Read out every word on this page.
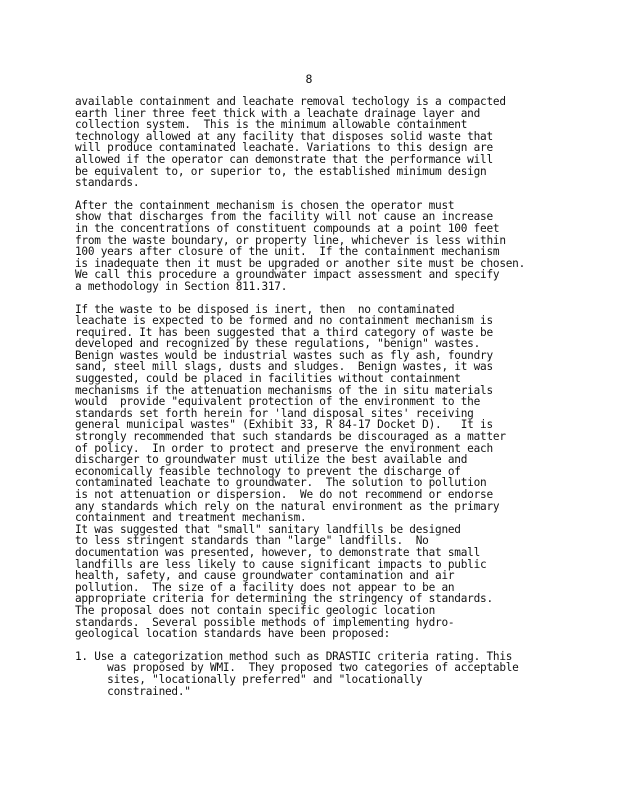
8
available containment and leachate removal techology is a compacted
earth liner three feet thick with a leachate drainage layer and
collection system.  This is the minimum allowable containment
technology allowed at any facility that disposes solid waste that
will produce contaminated leachate. Variations to this design are
allowed if the operator can demonstrate that the performance will
be equivalent to, or superior to, the established minimum design
standards.
After the containment mechanism is chosen the operator must
show that discharges from the facility will not cause an increase
in the concentrations of constituent compounds at a point 100 feet
from the waste boundary, or property line, whichever is less within
100 years after closure of the unit.  If the containment mechanism
is inadequate then it must be upgraded or another site must be chosen.
We call this procedure a groundwater impact assessment and specify
a methodology in Section 811.317.
If the waste to be disposed is inert, then  no contaminated
leachate is expected to be formed and no containment mechanism is
required. It has been suggested that a third category of waste be
developed and recognized by these regulations, "benign" wastes.
Benign wastes would be industrial wastes such as fly ash, foundry
sand, steel mill slags, dusts and sludges.  Benign wastes, it was
suggested, could be placed in facilities without containment
mechanisms if the attenuation mechanisms of the in situ materials
would  provide "equivalent protection of the environment to the
standards set forth herein for 'land disposal sites' receiving
general municipal wastes" (Exhibit 33, R 84-17 Docket D).   It is
strongly recommended that such standards be discouraged as a matter
of policy.  In order to protect and preserve the environment each
discharger to groundwater must utilize the best available and
economically feasible technology to prevent the discharge of
contaminated leachate to groundwater.  The solution to pollution
is not attenuation or dispersion.  We do not recommend or endorse
any standards which rely on the natural environment as the primary
containment and treatment mechanism.
It was suggested that "small" sanitary landfills be designed
to less stringent standards than "large" landfills.  No
documentation was presented, however, to demonstrate that small
landfills are less likely to cause significant impacts to public
health, safety, and cause groundwater contamination and air
pollution.  The size of a facility does not appear to be an
appropriate criteria for determining the stringency of standards.
The proposal does not contain specific geologic location
standards.  Several possible methods of implementing hydro-
geological location standards have been proposed:
1. Use a categorization method such as DRASTIC criteria rating. This
was proposed by WMI.  They proposed two categories of acceptable
sites, "locationally preferred" and "locationally
constrained."
